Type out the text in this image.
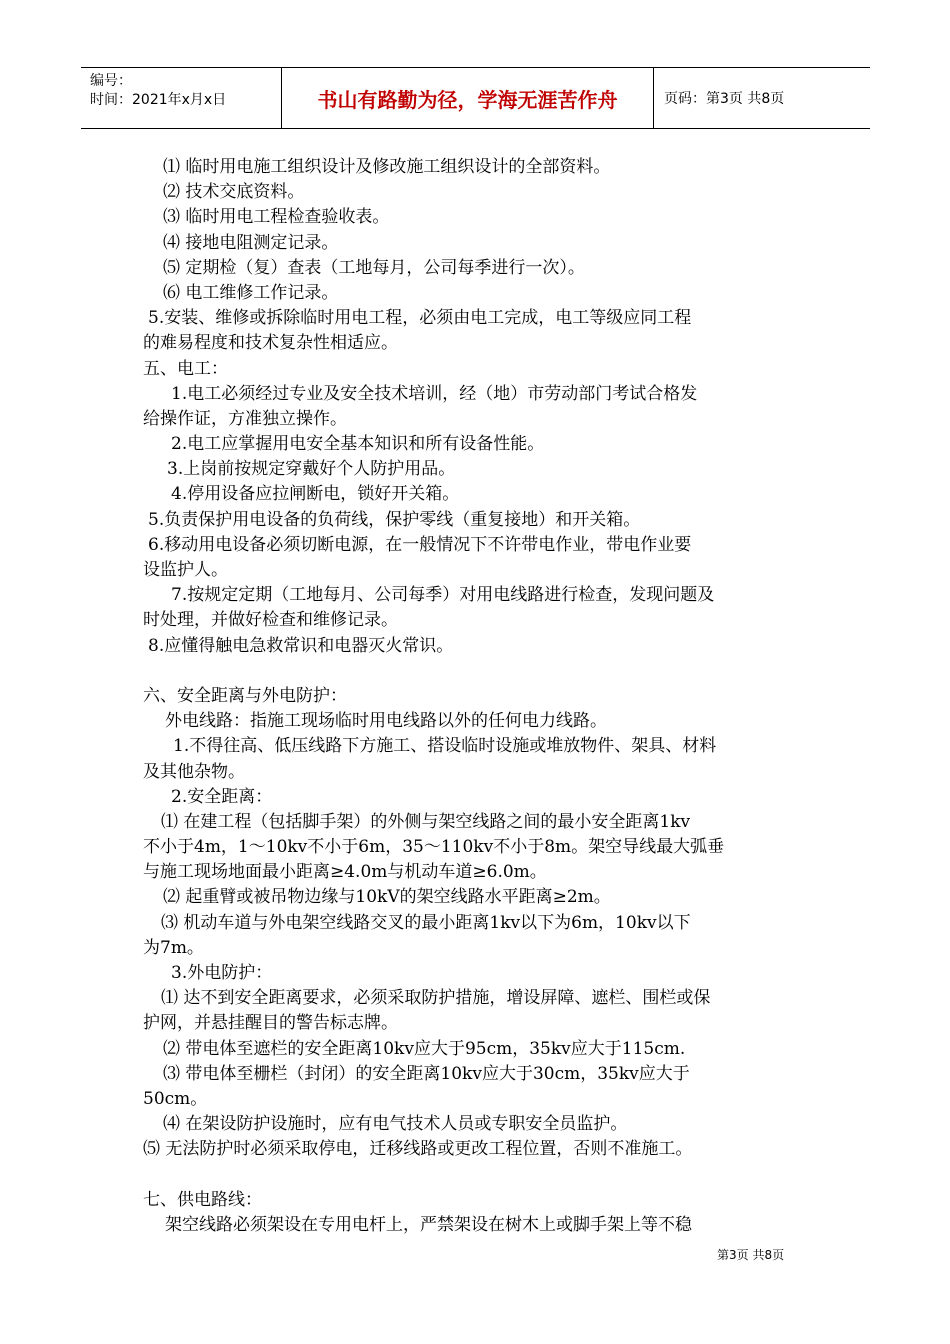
编号：
时间：2021年x月x日	书山有路勤为径，学海无涯苦作舟	页码：第3页 共8页
⑴ 临时用电施工组织设计及修改施工组织设计的全部资料。
⑵ 技术交底资料。
⑶ 临时用电工程检查验收表。
⑷ 接地电阻测定记录。
⑸ 定期检（复）查表（工地每月，公司每季进行一次）。
⑹ 电工维修工作记录。
5.安装、维修或拆除临时用电工程，必须由电工完成，电工等级应同工程
的难易程度和技术复杂性相适应。
五、电工：
1.电工必须经过专业及安全技术培训，经（地）市劳动部门考试合格发
给操作证，方准独立操作。
2.电工应掌握用电安全基本知识和所有设备性能。
3.上岗前按规定穿戴好个人防护用品。
4.停用设备应拉闸断电，锁好开关箱。
5.负责保护用电设备的负荷线，保护零线（重复接地）和开关箱。
6.移动用电设备必须切断电源，在一般情况下不许带电作业，带电作业要
设监护人。
7.按规定定期（工地每月、公司每季）对用电线路进行检查，发现问题及
时处理，并做好检查和维修记录。
8.应懂得触电急救常识和电器灭火常识。
六、安全距离与外电防护：
外电线路：指施工现场临时用电线路以外的任何电力线路。
1.不得往高、低压线路下方施工、搭设临时设施或堆放物件、架具、材料
及其他杂物。
2.安全距离：
⑴ 在建工程（包括脚手架）的外侧与架空线路之间的最小安全距离1kv
不小于4m，1～10kv不小于6m，35～110kv不小于8m。架空导线最大弧垂
与施工现场地面最小距离≥4.0m与机动车道≥6.0m。
⑵ 起重臂或被吊物边缘与10kV的架空线路水平距离≥2m。
⑶ 机动车道与外电架空线路交叉的最小距离1kv以下为6m，10kv以下
为7m。
3.外电防护：
⑴ 达不到安全距离要求，必须采取防护措施，增设屏障、遮栏、围栏或保
护网，并悬挂醒目的警告标志牌。
⑵ 带电体至遮栏的安全距离10kv应大于95cm，35kv应大于115cm.
⑶ 带电体至栅栏（封闭）的安全距离10kv应大于30cm，35kv应大于
50cm。
⑷ 在架设防护设施时，应有电气技术人员或专职安全员监护。
⑸ 无法防护时必须采取停电，迁移线路或更改工程位置，否则不准施工。
七、供电路线：
架空线路必须架设在专用电杆上，严禁架设在树木上或脚手架上等不稳
第3页 共8页
